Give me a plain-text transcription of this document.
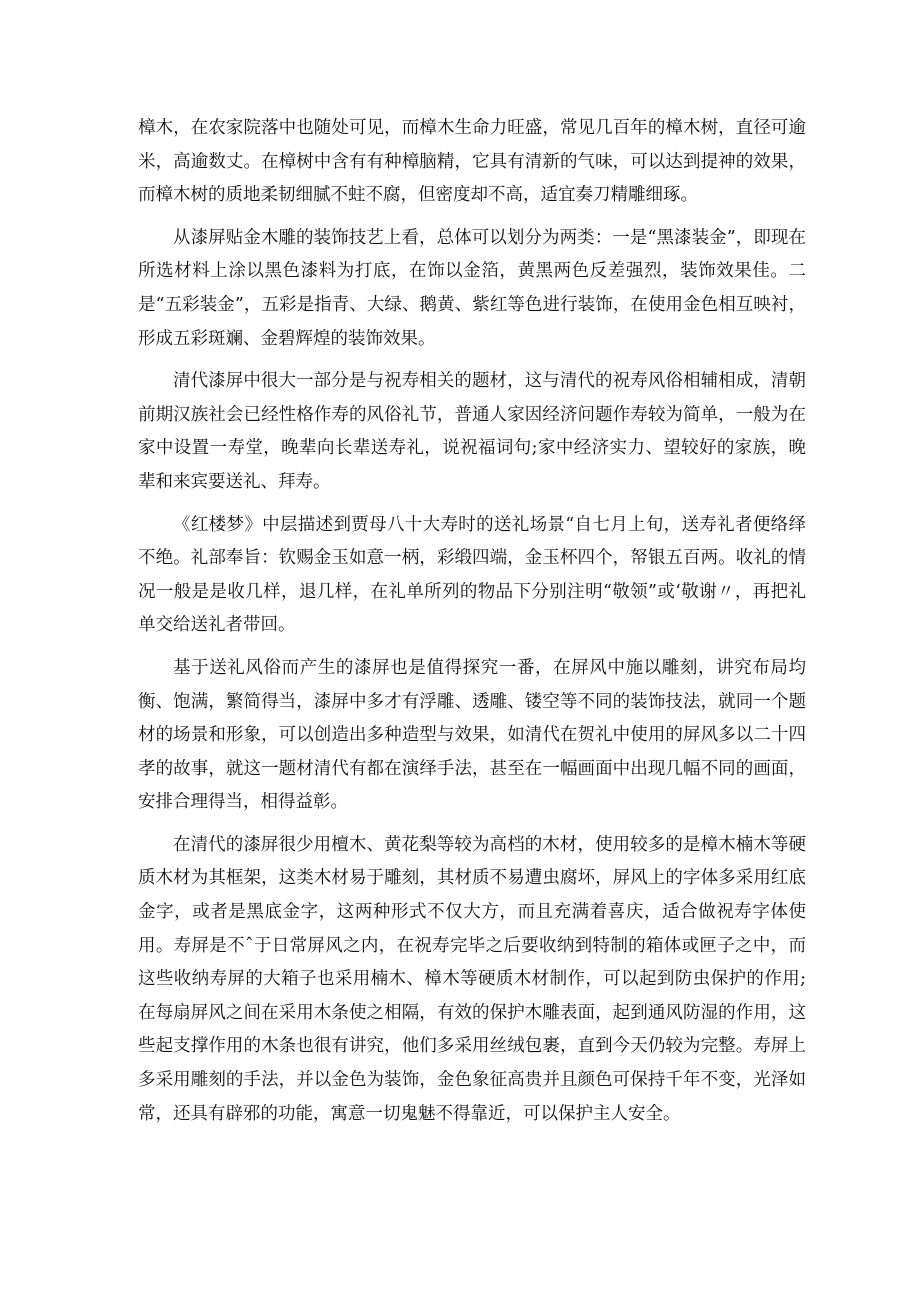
樟木，在农家院落中也随处可见，而樟木生命力旺盛，常见几百年的樟木树，直径可逾米，高逾数丈。在樟树中含有有种樟脑精，它具有清新的气味，可以达到提神的效果，而樟木树的质地柔韧细腻不蛀不腐，但密度却不高，适宜奏刀精雕细琢。

从漆屏贴金木雕的装饰技艺上看，总体可以划分为两类：一是“黑漆装金”，即现在所选材料上涂以黑色漆料为打底，在饰以金箔，黄黑两色反差强烈，装饰效果佳。二是“五彩装金”，五彩是指青、大绿、鹅黄、紫红等色进行装饰，在使用金色相互映衬，形成五彩斑斓、金碧辉煌的装饰效果。

清代漆屏中很大一部分是与祝寿相关的题材，这与清代的祝寿风俗相辅相成，清朝前期汉族社会已经性格作寿的风俗礼节，普通人家因经济问题作寿较为简单，一般为在家中设置一寿堂，晚辈向长辈送寿礼，说祝福词句;家中经济实力、望较好的家族，晚辈和来宾要送礼、拜寿。

《红楼梦》中层描述到贾母八十大寿时的送礼场景“自七月上旬，送寿礼者便络绎不绝。礼部奉旨：钦赐金玉如意一柄，彩缎四端，金玉杯四个，帑银五百两。收礼的情况一般是是收几样，退几样，在礼单所列的物品下分别注明“敬领”或‘敬谢〃，再把礼单交给送礼者带回。

基于送礼风俗而产生的漆屏也是值得探究一番，在屏风中施以雕刻，讲究布局均衡、饱满，繁简得当，漆屏中多才有浮雕、透雕、镂空等不同的装饰技法，就同一个题材的场景和形象，可以创造出多种造型与效果，如清代在贺礼中使用的屏风多以二十四孝的故事，就这一题材清代有都在演绎手法，甚至在一幅画面中出现几幅不同的画面，安排合理得当，相得益彰。

在清代的漆屏很少用檀木、黄花梨等较为高档的木材，使用较多的是樟木楠木等硬质木材为其框架，这类木材易于雕刻，其材质不易遭虫腐坏，屏风上的字体多采用红底金字，或者是黑底金字，这两种形式不仅大方，而且充满着喜庆，适合做祝寿字体使用。寿屏是不ˆ于日常屏风之内，在祝寿完毕之后要收纳到特制的箱体或匣子之中，而这些收纳寿屏的大箱子也采用楠木、樟木等硬质木材制作，可以起到防虫保护的作用;在每扇屏风之间在采用木条使之相隔，有效的保护木雕表面，起到通风防湿的作用，这些起支撑作用的木条也很有讲究，他们多采用丝绒包裹，直到今天仍较为完整。寿屏上多采用雕刻的手法，并以金色为装饰，金色象征高贵并且颜色可保持千年不变，光泽如常，还具有辟邪的功能，寓意一切鬼魅不得靠近，可以保护主人安全。
